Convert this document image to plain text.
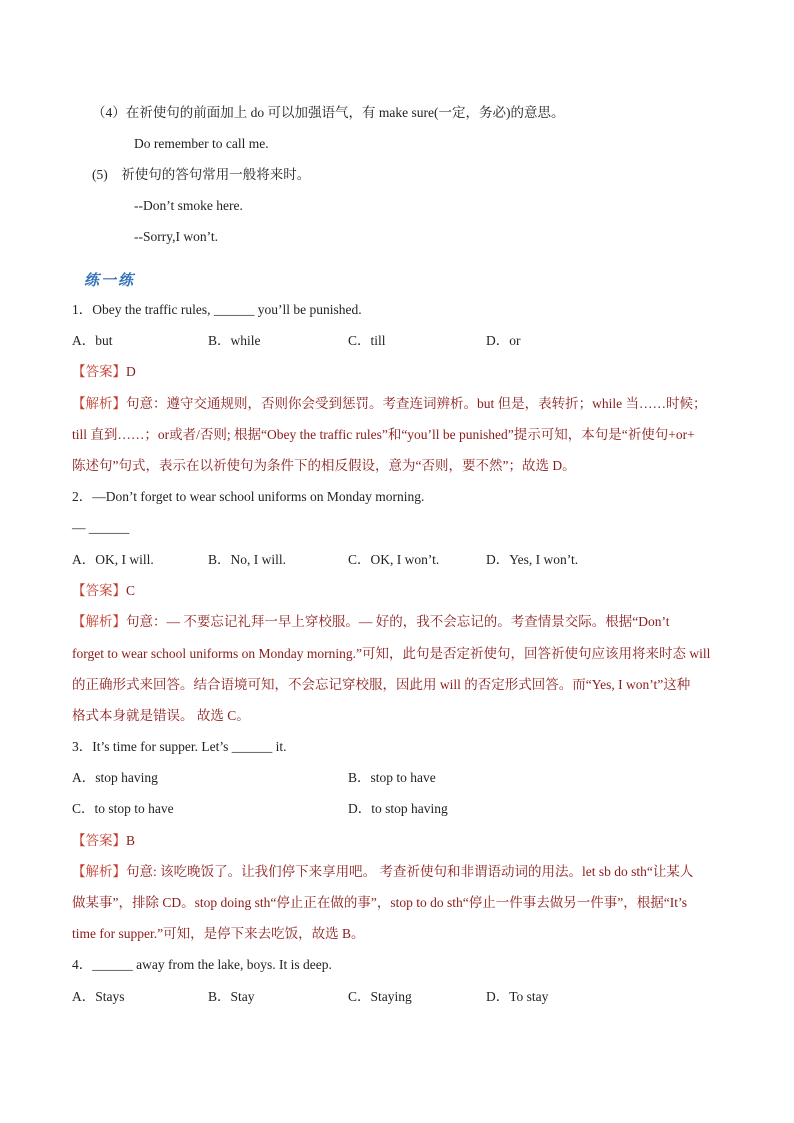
（4）在祈使句的前面加上 do 可以加强语气，有 make sure(一定，务必)的意思。
Do remember to call me.
(5) 祈使句的答句常用一般将来时。
--Don’t smoke here.
--Sorry,I won’t.
练一练
1．Obey the traffic rules, ______ you’ll be punished.
A．but	B．while	C．till	D．or
【答案】D
【解析】句意：遵守交通规则，否则你会受到惩罚。考查连词辨析。but 但是，表转折；while 当……时候；
till 直到……；or或者/否则; 根据“Obey the traffic rules”和“you’ll be punished”提示可知，本句是“祈使句+or+
陈述句”句式，表示在以祈使句为条件下的相反假设，意为“否则，要不然”；故选 D。
2．—Don’t forget to wear school uniforms on Monday morning.
— ______
A．OK, I will.	B．No, I will.	C．OK, I won’t.	D．Yes, I won’t.
【答案】C
【解析】句意：— 不要忘记礼拜一早上穿校服。— 好的，我不会忘记的。考查情景交际。根据“Don’t
forget to wear school uniforms on Monday morning.”可知，此句是否定祈使句，回答祈使句应该用将来时态 will
的正确形式来回答。结合语境可知，不会忘记穿校服，因此用 will 的否定形式回答。而“Yes, I won’t”这种
格式本身就是错误。 故选 C。
3．It’s time for supper. Let’s ______ it.
A．stop having	B．stop to have
C．to stop to have	D．to stop having
【答案】B
【解析】句意: 该吃晚饭了。让我们停下来享用吧。 考查祈使句和非谓语动词的用法。let sb do sth“让某人
做某事”，排除 CD。stop doing sth“停止正在做的事”，stop to do sth“停止一件事去做另一件事”，根据“It’s
time for supper.”可知，是停下来去吃饭，故选 B。
4．______ away from the lake, boys. It is deep.
A．Stays	B．Stay	C．Staying	D．To stay
